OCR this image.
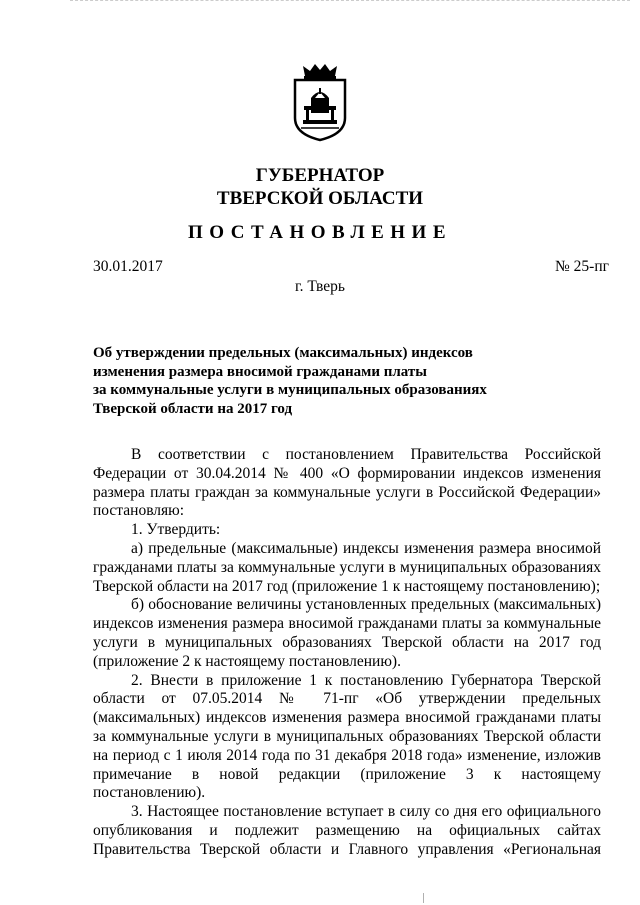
ГУБЕРНАТОР
ТВЕРСКОЙ ОБЛАСТИ
ПОСТАНОВЛЕНИЕ
30.01.2017	№ 25-пг
г. Тверь
Об утверждении предельных (максимальных) индексов
изменения размера вносимой гражданами платы
за коммунальные услуги в муниципальных образованиях
Тверской области на 2017 год

В соответствии с постановлением Правительства Российской Федерации от 30.04.2014 № 400 «О формировании индексов изменения размера платы граждан за коммунальные услуги в Российской Федерации» постановляю:

1. Утвердить:

а) предельные (максимальные) индексы изменения размера вносимой гражданами платы за коммунальные услуги в муниципальных образованиях Тверской области на 2017 год (приложение 1 к настоящему постановлению);

б) обоснование величины установленных предельных (максимальных) индексов изменения размера вносимой гражданами платы за коммунальные услуги в муниципальных образованиях Тверской области на 2017 год (приложение 2 к настоящему постановлению).

2. Внести в приложение 1 к постановлению Губернатора Тверской области от 07.05.2014 № 71-пг «Об утверждении предельных (максимальных) индексов изменения размера вносимой гражданами платы за коммунальные услуги в муниципальных образованиях Тверской области на период с 1 июля 2014 года по 31 декабря 2018 года» изменение, изложив примечание в новой редакции (приложение 3 к настоящему постановлению).

3. Настоящее постановление вступает в силу со дня его официального опубликования и подлежит размещению на официальных сайтах Правительства Тверской области и Главного управления «Региональная
